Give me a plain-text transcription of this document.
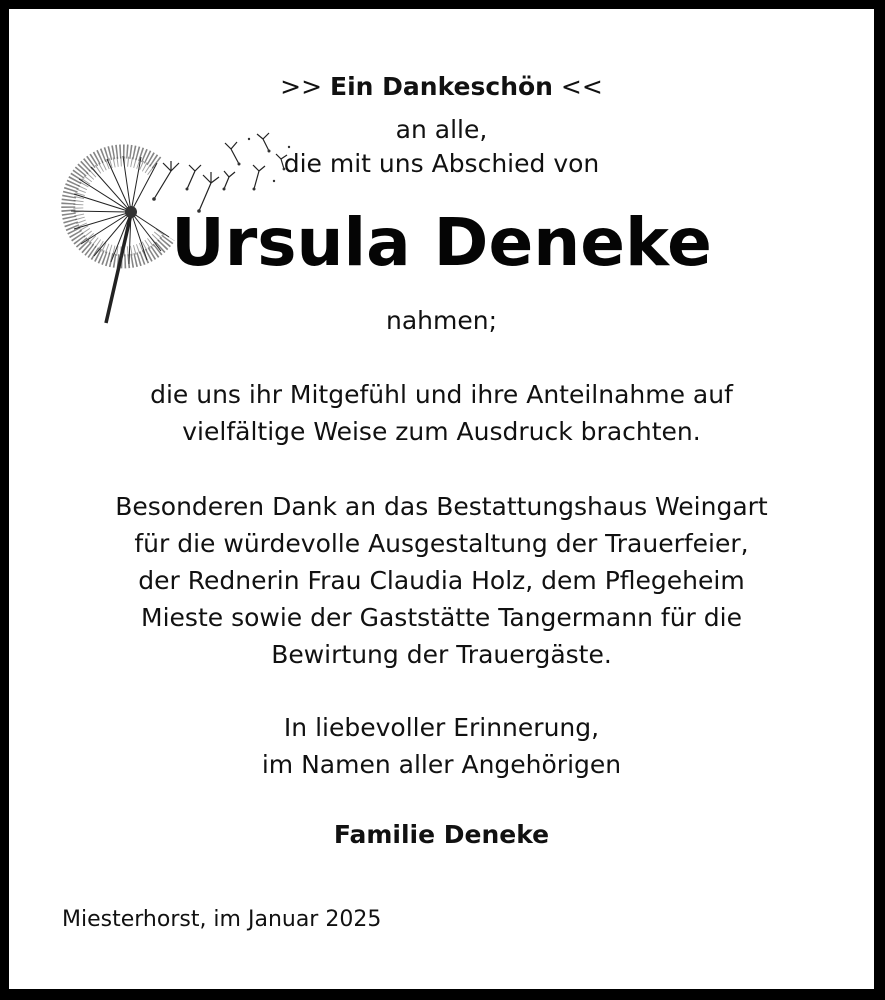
>> Ein Dankeschön <<
an alle,
die mit uns Abschied von
Ursula Deneke
nahmen;
die uns ihr Mitgefühl und ihre Anteilnahme auf
vielfältige Weise zum Ausdruck brachten.
Besonderen Dank an das Bestattungshaus Weingart
für die würdevolle Ausgestaltung der Trauerfeier,
der Rednerin Frau Claudia Holz, dem Pflegeheim
Mieste sowie der Gaststätte Tangermann für die
Bewirtung der Trauergäste.
In liebevoller Erinnerung,
im Namen aller Angehörigen
Familie Deneke
Miesterhorst, im Januar 2025
